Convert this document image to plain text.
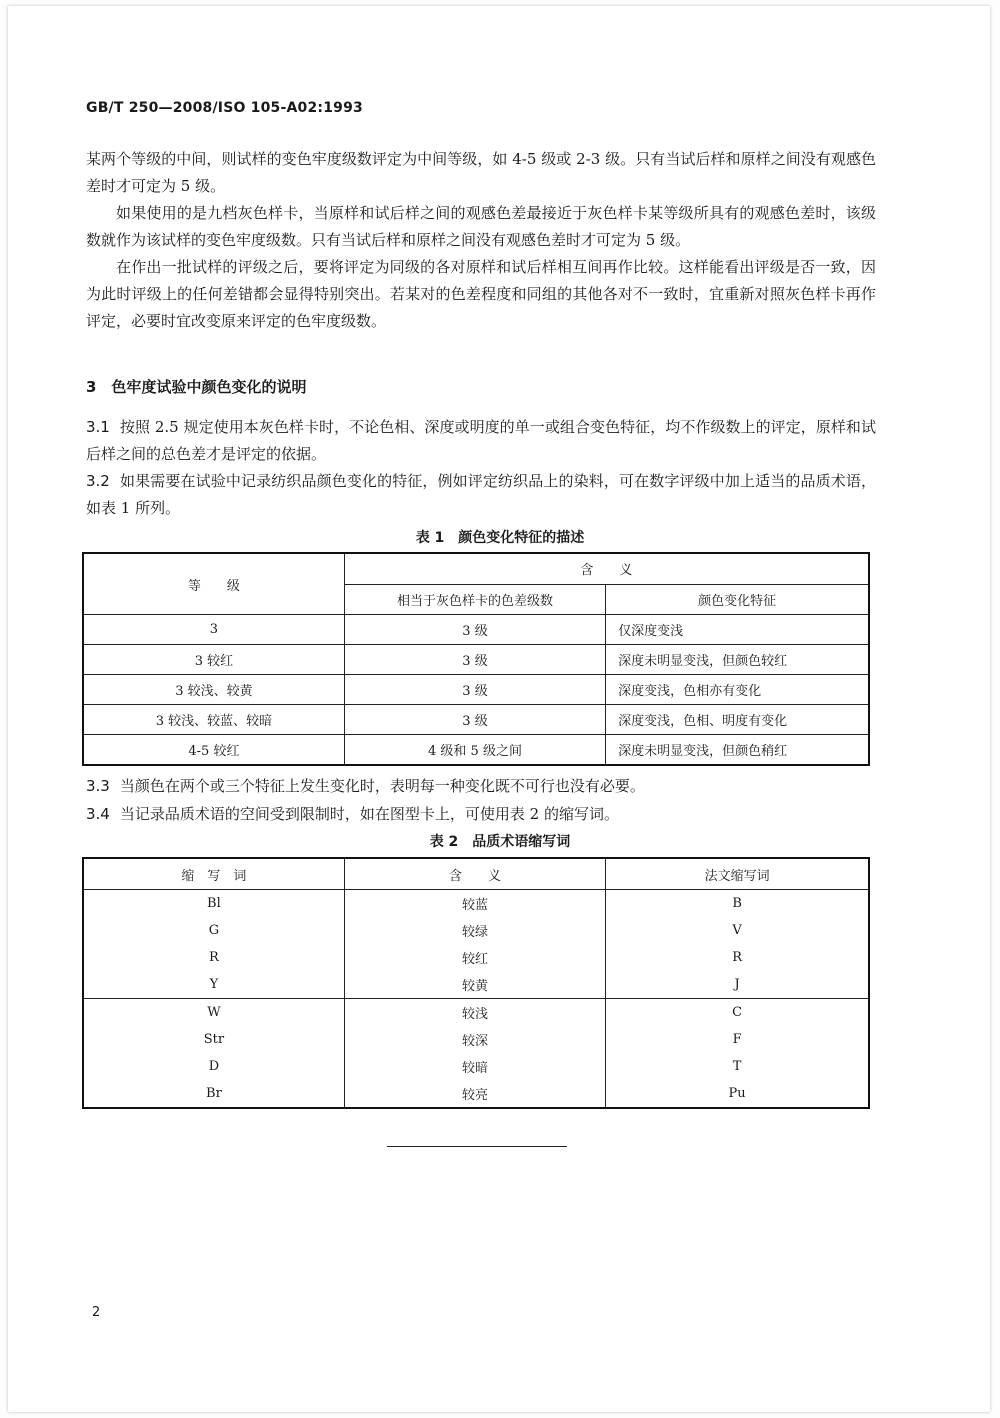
GB/T 250—2008/ISO 105-A02:1993

某两个等级的中间，则试样的变色牢度级数评定为中间等级，如 4-5 级或 2-3 级。只有当试后样和原样之间没有观感色差时才可定为 5 级。

如果使用的是九档灰色样卡，当原样和试后样之间的观感色差最接近于灰色样卡某等级所具有的观感色差时，该级数就作为该试样的变色牢度级数。只有当试后样和原样之间没有观感色差时才可定为 5 级。

在作出一批试样的评级之后，要将评定为同级的各对原样和试后样相互间再作比较。这样能看出评级是否一致，因为此时评级上的任何差错都会显得特别突出。若某对的色差程度和同组的其他各对不一致时，宜重新对照灰色样卡再作评定，必要时宜改变原来评定的色牢度级数。

3　色牢度试验中颜色变化的说明
3.1 按照 2.5 规定使用本灰色样卡时，不论色相、深度或明度的单一或组合变色特征，均不作级数上的评定，原样和试后样之间的总色差才是评定的依据。
3.2 如果需要在试验中记录纺织品颜色变化的特征，例如评定纺织品上的染料，可在数字评级中加上适当的品质术语，如表 1 所列。
表 1　颜色变化特征的描述
等　　级	含　　义	
	相当于灰色样卡的色差级数	颜色变化特征
3	3 级	仅深度变浅
3 较红	3 级	深度未明显变浅，但颜色较红
3 较浅、较黄	3 级	深度变浅，色相亦有变化
3 较浅、较蓝、较暗	3 级	深度变浅，色相、明度有变化
4-5 较红	4 级和 5 级之间	深度未明显变浅，但颜色稍红
3.3 当颜色在两个或三个特征上发生变化时，表明每一种变化既不可行也没有必要。
3.4 当记录品质术语的空间受到限制时，如在图型卡上，可使用表 2 的缩写词。
表 2　品质术语缩写词
缩　写　词	含　　义	法文缩写词
Bl	较蓝	B
G	较绿	V
R	较红	R
Y	较黄	J
W	较浅	C
Str	较深	F
D	较暗	T
Br	较亮	Pu
2
